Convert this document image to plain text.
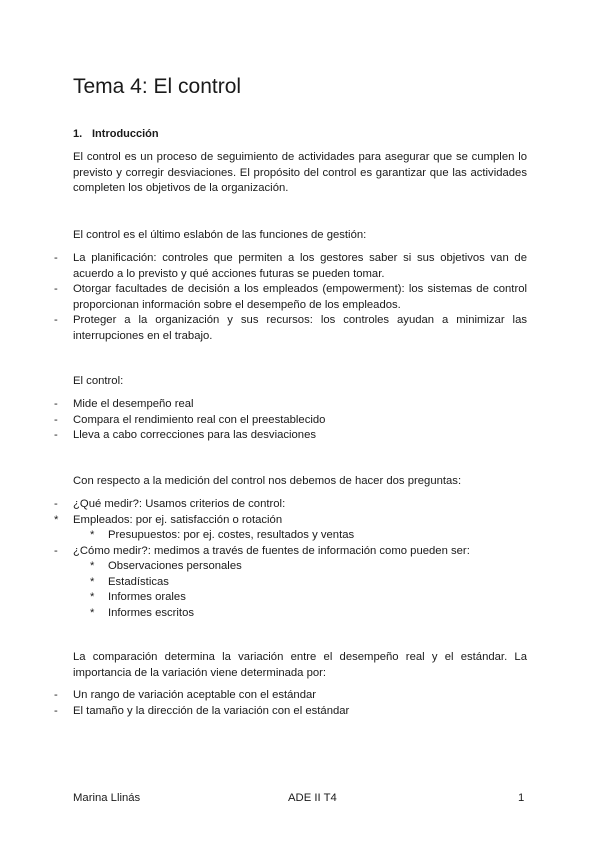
Tema 4: El control
1. Introducción

El control es un proceso de seguimiento de actividades para asegurar que se cumplen lo previsto y corregir desviaciones. El propósito del control es garantizar que las actividades completen los objetivos de la organización.

El control es el último eslabón de las funciones de gestión:

- La planificación: controles que permiten a los gestores saber si sus objetivos van de acuerdo a lo previsto y qué acciones futuras se pueden tomar.
- Otorgar facultades de decisión a los empleados (empowerment): los sistemas de control proporcionan información sobre el desempeño de los empleados.
- Proteger a la organización y sus recursos: los controles ayudan a minimizar las interrupciones en el trabajo.

El control:

- Mide el desempeño real
- Compara el rendimiento real con el preestablecido
- Lleva a cabo correcciones para las desviaciones

Con respecto a la medición del control nos debemos de hacer dos preguntas:

- ¿Qué medir?: Usamos criterios de control:
* Empleados: por ej. satisfacción o rotación
* Presupuestos: por ej. costes, resultados y ventas
- ¿Cómo medir?: medimos a través de fuentes de información como pueden ser:
* Observaciones personales
* Estadísticas
* Informes orales
* Informes escritos

La comparación determina la variación entre el desempeño real y el estándar. La importancia de la variación viene determinada por:

- Un rango de variación aceptable con el estándar
- El tamaño y la dirección de la variación con el estándar
Marina Llinás	ADE II T4	1
